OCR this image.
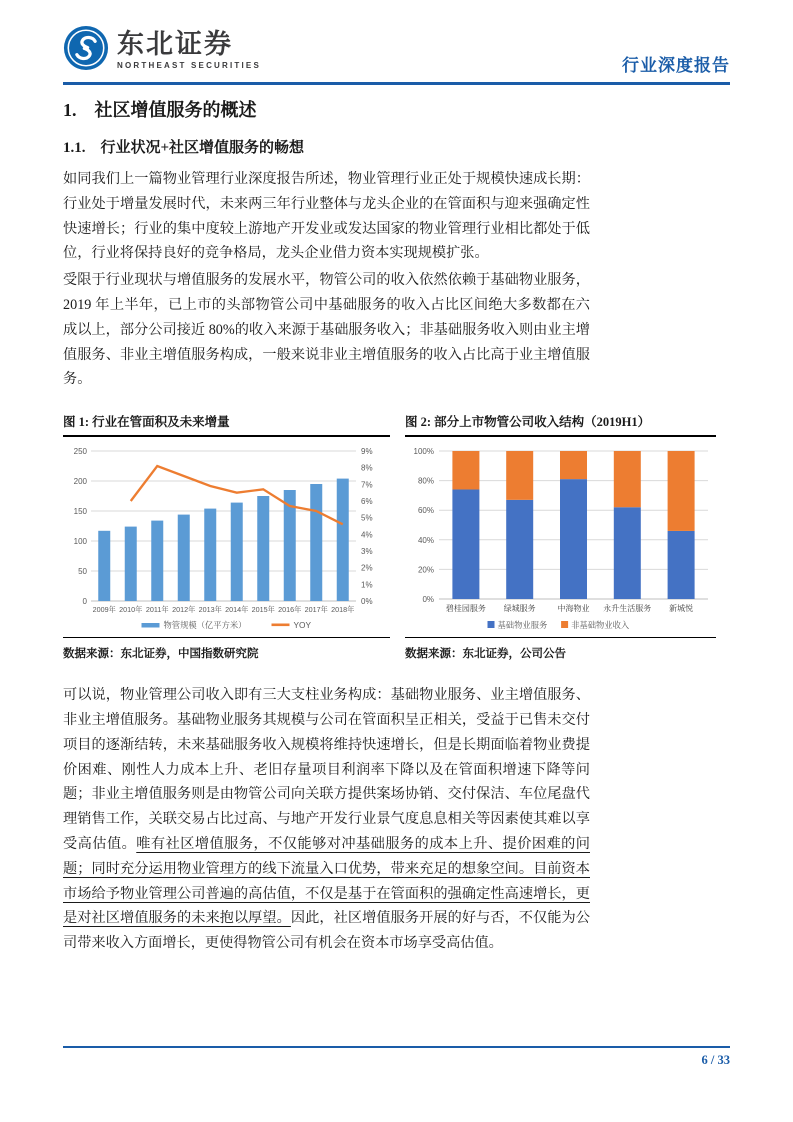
东北证券
NORTHEAST SECURITIES	行业深度报告
1.　社区增值服务的概述
1.1.　行业状况+社区增值服务的畅想

如同我们上一篇物业管理行业深度报告所述，物业管理行业正处于规模快速成长期：行业处于增量发展时代，未来两三年行业整体与龙头企业的在管面积与迎来强确定性快速增长；行业的集中度较上游地产开发业或发达国家的物业管理行业相比都处于低位，行业将保持良好的竞争格局，龙头企业借力资本实现规模扩张。

受限于行业现状与增值服务的发展水平，物管公司的收入依然依赖于基础物业服务，2019 年上半年，已上市的头部物管公司中基础服务的收入占比区间绝大多数都在六成以上，部分公司接近 80%的收入来源于基础服务收入；非基础服务收入则由业主增值服务、非业主增值服务构成，一般来说非业主增值服务的收入占比高于业主增值服务。

图 1: 行业在管面积及未来增量
0
50
100
150
200
250
0%
1%
2%
3%
4%
5%
6%
7%
8%
9%
2009年 2010年 2011年 2012年 2013年 2014年 2015年 2016年 2017年 2018年
物管规模（亿平方米）	YOY
数据来源：东北证券，中国指数研究院
图 2: 部分上市物管公司收入结构（2019H1）
0%
20%
40%
60%
80%
100%
碧桂园服务 绿城服务	中海物业 永升生活服务 新城悦
基础物业服务	非基础物业收入
数据来源：东北证券，公司公告

可以说，物业管理公司收入即有三大支柱业务构成：基础物业服务、业主增值服务、非业主增值服务。基础物业服务其规模与公司在管面积呈正相关，受益于已售未交付项目的逐渐结转，未来基础服务收入规模将维持快速增长，但是长期面临着物业费提价困难、刚性人力成本上升、老旧存量项目利润率下降以及在管面积增速下降等问题；非业主增值服务则是由物管公司向关联方提供案场协销、交付保洁、车位尾盘代理销售工作，关联交易占比过高、与地产开发行业景气度息息相关等因素使其难以享受高估值。唯有社区增值服务，不仅能够对冲基础服务的成本上升、提价困难的问题；同时充分运用物业管理方的线下流量入口优势，带来充足的想象空间。目前资本市场给予物业管理公司普遍的高估值，不仅是基于在管面积的强确定性高速增长，更是对社区增值服务的未来抱以厚望。因此，社区增值服务开展的好与否，不仅能为公司带来收入方面增长，更使得物管公司有机会在资本市场享受高估值。

6 / 33
